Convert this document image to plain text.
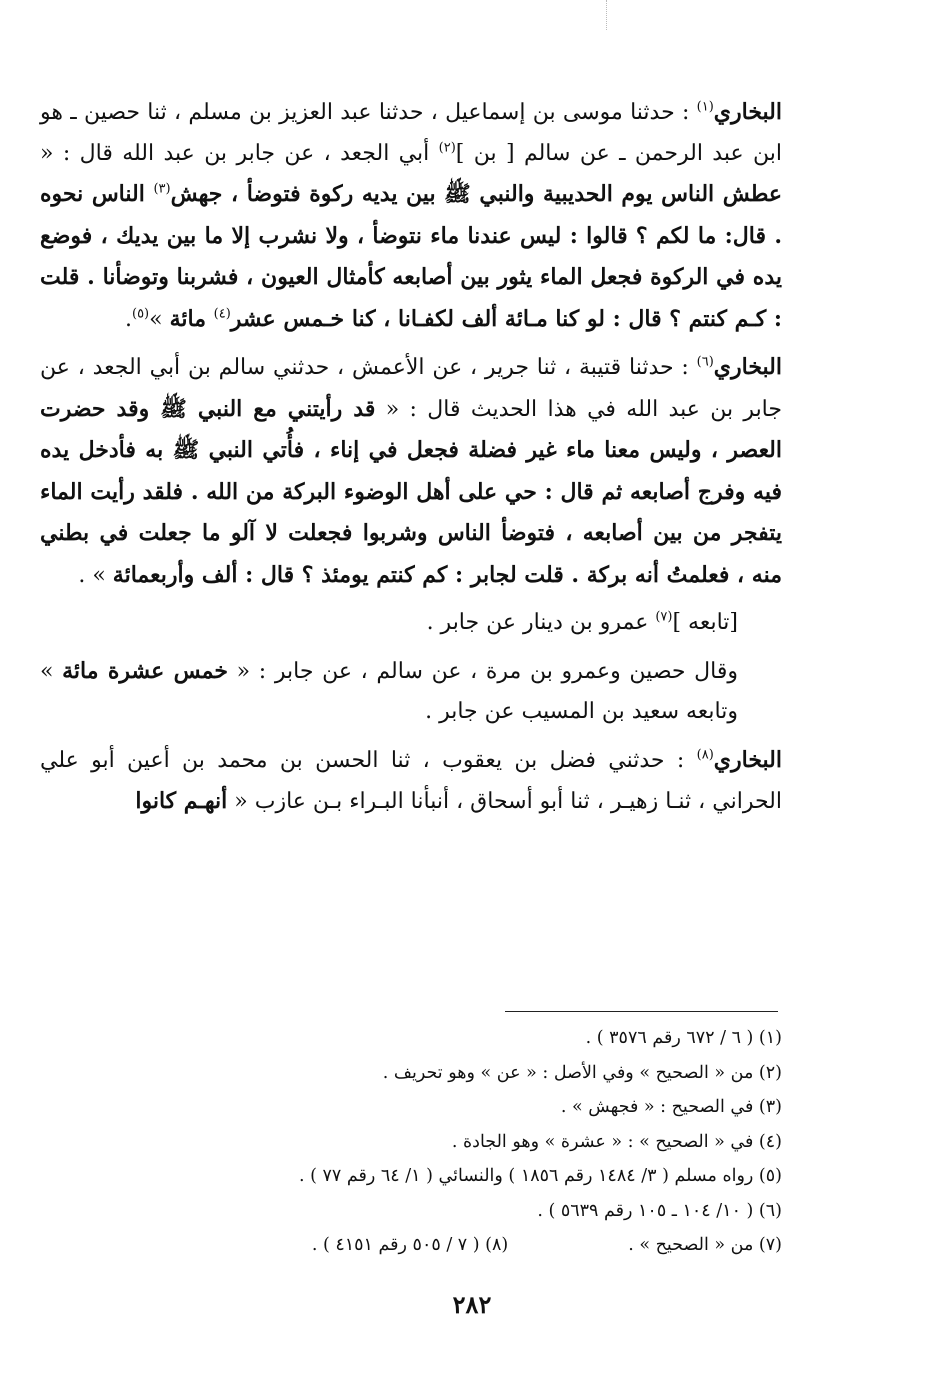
البخاري$^{(١)}$ : حدثنا موسى بن إسماعيل ، حدثنا عبد العزيز بن مسلم ، ثنا حصين ـ هو ابن عبد الرحمن ـ عن سالم [ بن ]$^{(٢)}$ أبي الجعد ، عن جابر بن عبد الله قال : « عطش الناس يوم الحديبية والنبي ﷺ بين يديه ركوة فتوضأ ، جهش$^{(٣)}$ الناس نحوه . قال: ما لكم ؟ قالوا : ليس عندنا ماء نتوضأ ، ولا نشرب إلا ما بين يديك ، فوضع يده في الركوة فجعل الماء يثور بين أصابعه كأمثال العيون ، فشربنا وتوضأنا . قلت : كـم كنتم ؟ قال : لو كنا مـائة ألف لكفـانا ، كنا خـمس عشر$^{(٤)}$ مائة »$^{(٥)}$.

البخاري$^{(٦)}$ : حدثنا قتيبة ، ثنا جرير ، عن الأعمش ، حدثني سالم بن أبي الجعد ، عن جابر بن عبد الله في هذا الحديث قال : « قد رأيتني مع النبي ﷺ وقد حضرت العصر ، وليس معنا ماء غير فضلة فجعل في إناء ، فأُتي النبي ﷺ به فأدخل يده فيه وفرج أصابعه ثم قال : حي على أهل الوضوء البركة من الله . فلقد رأيت الماء يتفجر من بين أصابعه ، فتوضأ الناس وشربوا فجعلت لا آلو ما جعلت في بطني منه ، فعلمتُ أنه بركة . قلت لجابر : كم كنتم يومئذ ؟ قال : ألف وأربعمائة » .

[تابعه ]$^{(٧)}$ عمرو بن دينار عن جابر .

وقال حصين وعمرو بن مرة ، عن سالم ، عن جابر : « خمس عشرة مائة » وتابعه سعيد بن المسيب عن جابر .

البخاري$^{(٨)}$ : حدثني فضل بن يعقوب ، ثنا الحسن بن محمد بن أعين أبو علي الحراني ، ثنـا زهيـر ، ثنا أبو أسحاق ، أنبأنا البـراء بـن عازب « أنهـم كانوا

(١) ( ٦ / ٦٧٢ رقم ٣٥٧٦ ) .
(٢) من « الصحيح » وفي الأصل : « عن » وهو تحريف .
(٣) في الصحيح : « فجهش » .
(٤) في « الصحيح » : « عشرة » وهو الجادة .
(٥) رواه مسلم ( ٣/ ١٤٨٤ رقم ١٨٥٦ ) والنسائي ( ١/ ٦٤ رقم ٧٧ ) .
(٦) ( ١٠/ ١٠٤ ـ ١٠٥ رقم ٥٦٣٩ ) .
(٧) من « الصحيح » .
(٨) ( ٧ / ٥٠٥ رقم ٤١٥١ ) .
٢٨٢
